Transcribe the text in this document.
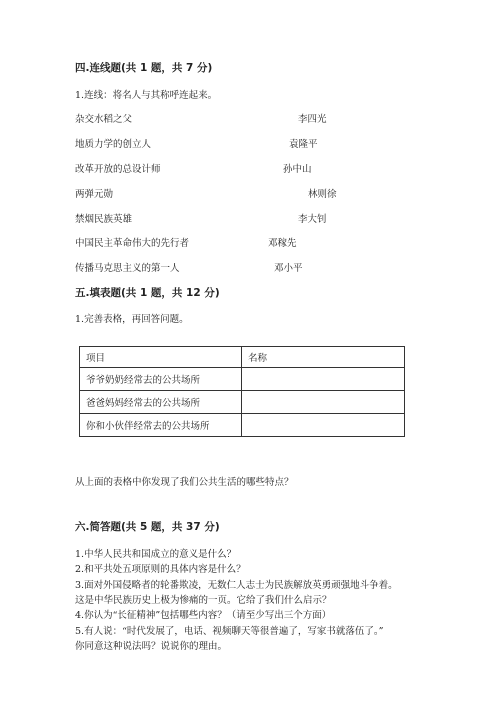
四.连线题(共 1 题，共 7 分)
1.连线：将名人与其称呼连起来。
杂交水稻之父
地质力学的创立人
改革开放的总设计师
两弹元勋
禁烟民族英雄
中国民主革命伟大的先行者
传播马克思主义的第一人
李四光
袁隆平
孙中山
林则徐
李大钊
邓稼先
邓小平
五.填表题(共 1 题，共 12 分)
1.完善表格，再回答问题。
项目	名称
爷爷奶奶经常去的公共场所	
爸爸妈妈经常去的公共场所	
你和小伙伴经常去的公共场所	
从上面的表格中你发现了我们公共生活的哪些特点？
六.简答题(共 5 题，共 37 分)
1.中华人民共和国成立的意义是什么？
2.和平共处五项原则的具体内容是什么？
3.面对外国侵略者的轮番欺凌，无数仁人志士为民族解放英勇顽强地斗争着。
这是中华民族历史上极为惨痛的一页。它给了我们什么启示？
4.你认为“长征精神”包括哪些内容？（请至少写出三个方面）
5.有人说：“时代发展了，电话、视频聊天等很普遍了，写家书就落伍了。”
你同意这种说法吗？说说你的理由。
